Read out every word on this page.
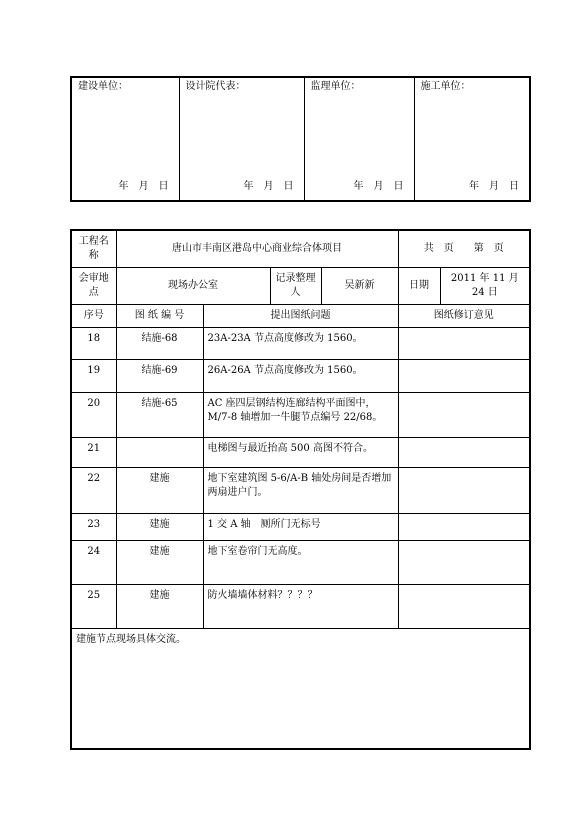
建设单位：
年　月　日
	设计院代表：
年　月　日
	监理单位：
年　月　日
	施工单位：
年　月　日
工程名称	唐山市丰南区港岛中心商业综合体项目				共　页　　第　页	
会审地点	现场办公室		记录整理人	吴新新	日期	2011 年 11 月 24 日
序号	图 纸 编 号	提出图纸问题			图纸修订意见	
18	结施-68	23A-23A 节点高度修改为 1560。				
19	结施-69	26A-26A 节点高度修改为 1560。				
20	结施-65	AC 座四层钢结构连廊结构平面图中，M/7-8 轴增加一牛腿节点编号 22/68。				
21		电梯图与最近抬高 500 高图不符合。				
22	建施	地下室建筑图 5-6/A-B 轴处房间是否增加两扇进户门。				
23	建施	1 交 A 轴　厕所门无标号				
24	建施	地下室卷帘门无高度。				
25	建施	防火墙墙体材料？？？？				
建施节点现场具体交流。						
